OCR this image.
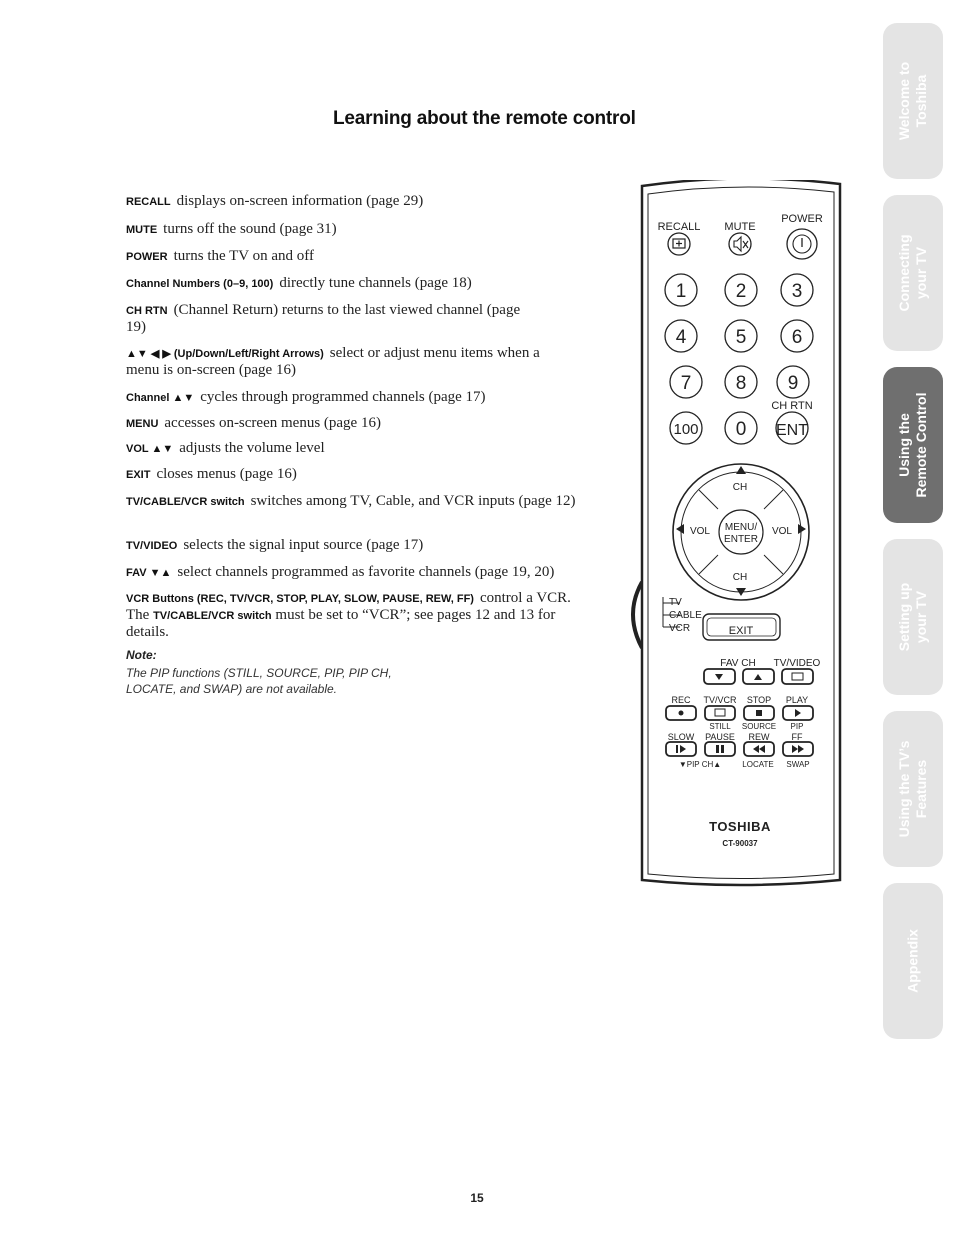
Learning about the remote control
RECALL displays on-screen information (page 29)
MUTE turns off the sound (page 31)
POWER turns the TV on and off
Channel Numbers (0–9, 100) directly tune channels (page 18)
CH RTN (Channel Return) returns to the last viewed channel (page 19)
▲▼ ◀ ▶ (Up/Down/Left/Right Arrows) select or adjust menu items when a menu is on-screen (page 16)
Channel ▲▼ cycles through programmed channels (page 17)
MENU accesses on-screen menus (page 16)
VOL ▲▼ adjusts the volume level
EXIT closes menus (page 16)
TV/CABLE/VCR switch switches among TV, Cable, and VCR inputs (page 12)
TV/VIDEO selects the signal input source (page 17)
FAV ▼▲ select channels programmed as favorite channels (page 19, 20)
VCR Buttons (REC, TV/VCR, STOP, PLAY, SLOW, PAUSE, REW, FF) control a VCR. The TV/CABLE/VCR switch must be set to “VCR”; see pages 12 and 13 for details.
Note:
The PIP functions (STILL, SOURCE, PIP, PIP CH, LOCATE, and SWAP) are not available.
Welcome to Toshiba
Connecting your TV
Using the Remote Control
Setting up your TV
Using the TV’s Features
Appendix
RECALL MUTE
POWER
1	2 3
4	5 6
7 8 9
CH RTN
100 0 ENT
CH
CH
VOL	VOL
MENU/
ENTER
TV
CABLE
VCR	EXIT
FAV CH TV/VIDEO
REC TV/VCR STOP PLAY
STILL SOURCE PIP
SLOW PAUSE REW FF
▼PIP CH▲	LOCATE SWAP
TOSHIBA
CT-90037
15
